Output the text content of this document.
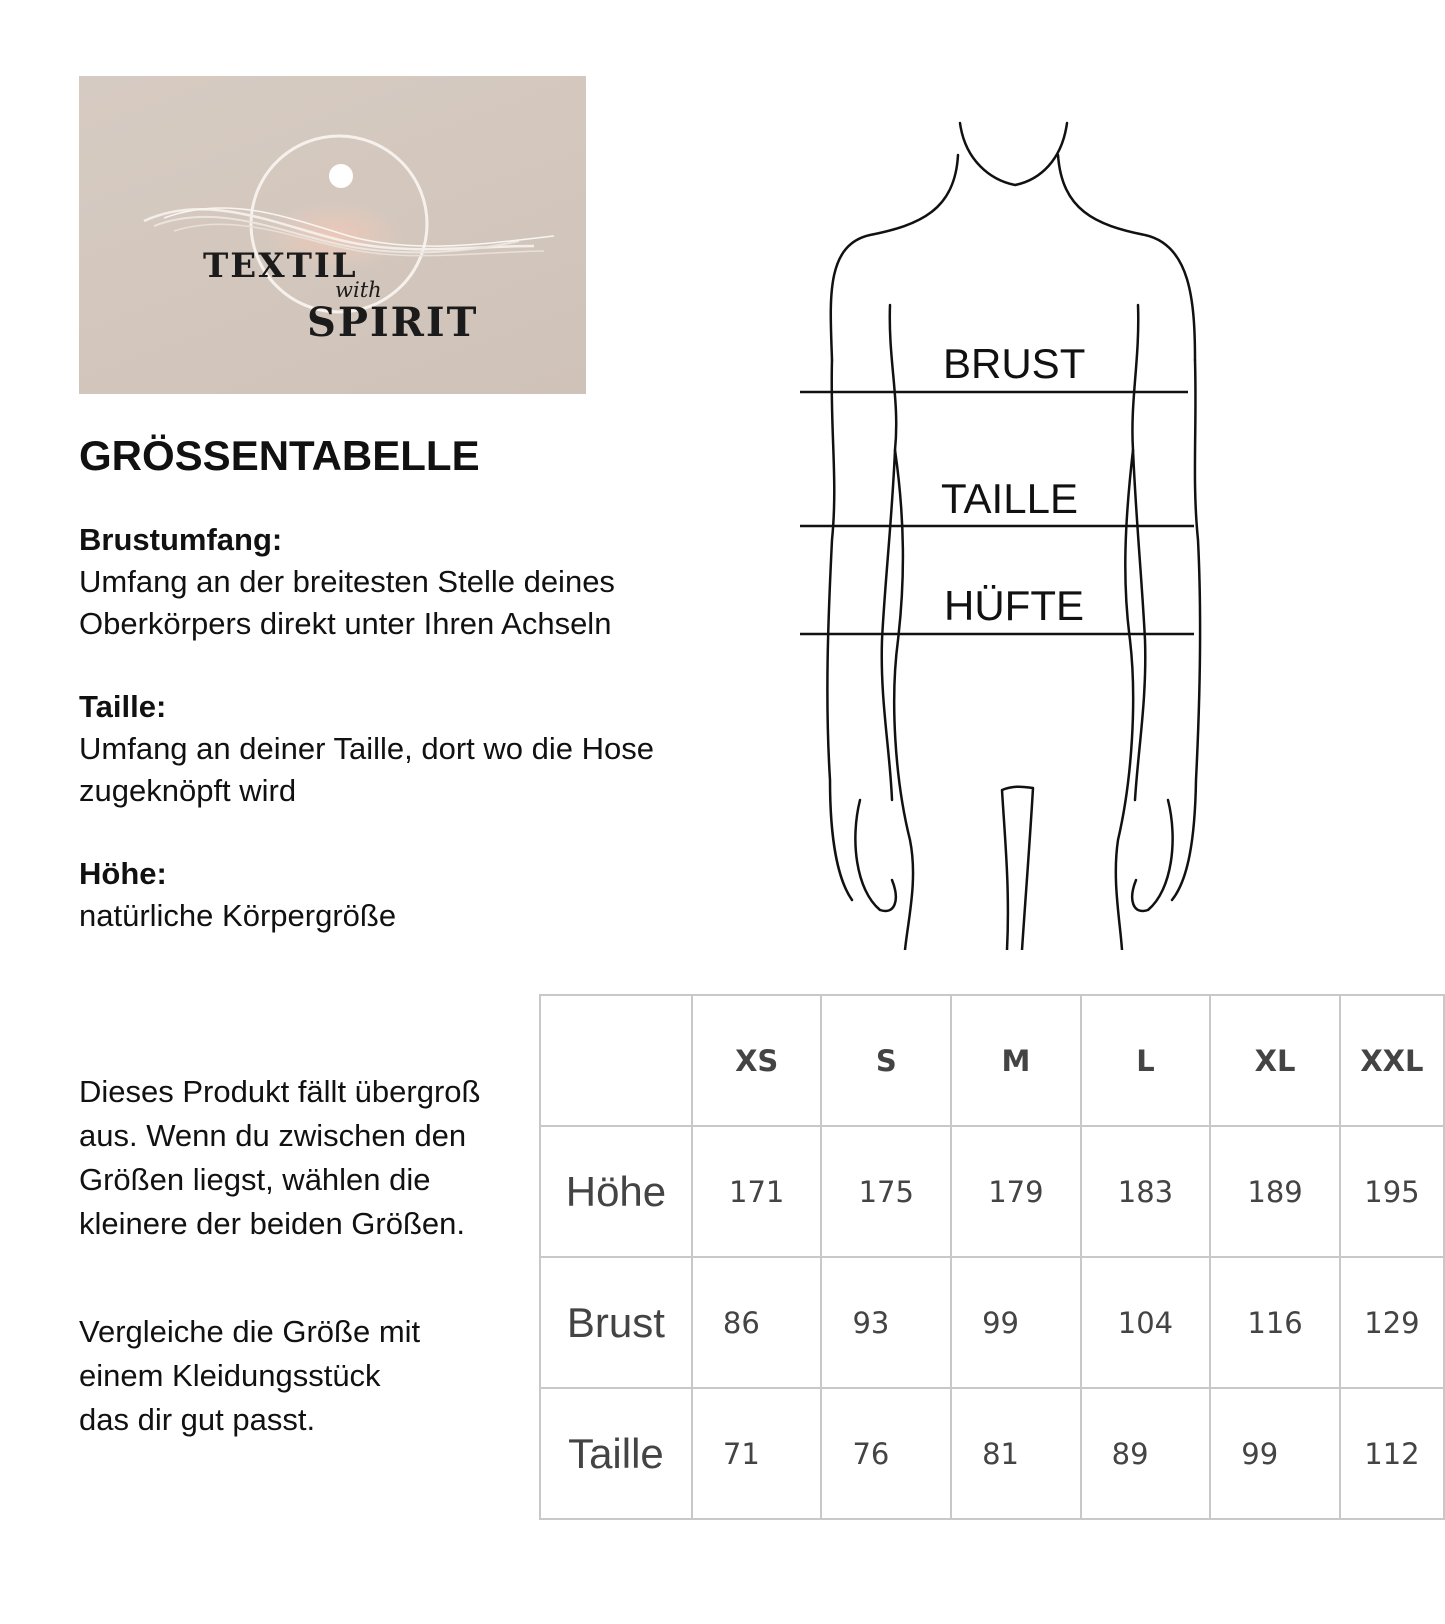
TEXTIL
with
SPIRIT
GRÖSSENTABELLE
Brustumfang:
Umfang an der breitesten Stelle deines
Oberkörpers direkt unter Ihren Achseln
Taille:
Umfang an deiner Taille, dort wo die Hose
zugeknöpft wird
Höhe:
natürliche Körpergröße
BRUST
TAILLE
HÜFTE
Dieses Produkt fällt übergroß
aus. Wenn du zwischen den
Größen liegst, wählen die
kleinere der beiden Größen.
Vergleiche die Größe mit
einem Kleidungsstück
das dir gut passt.
	XS	S	M	L	XL	XXL
Höhe	171	175	179	183	189	195
Brust	86	93	99	104	116	129
Taille	71	76	81	89	99	112
